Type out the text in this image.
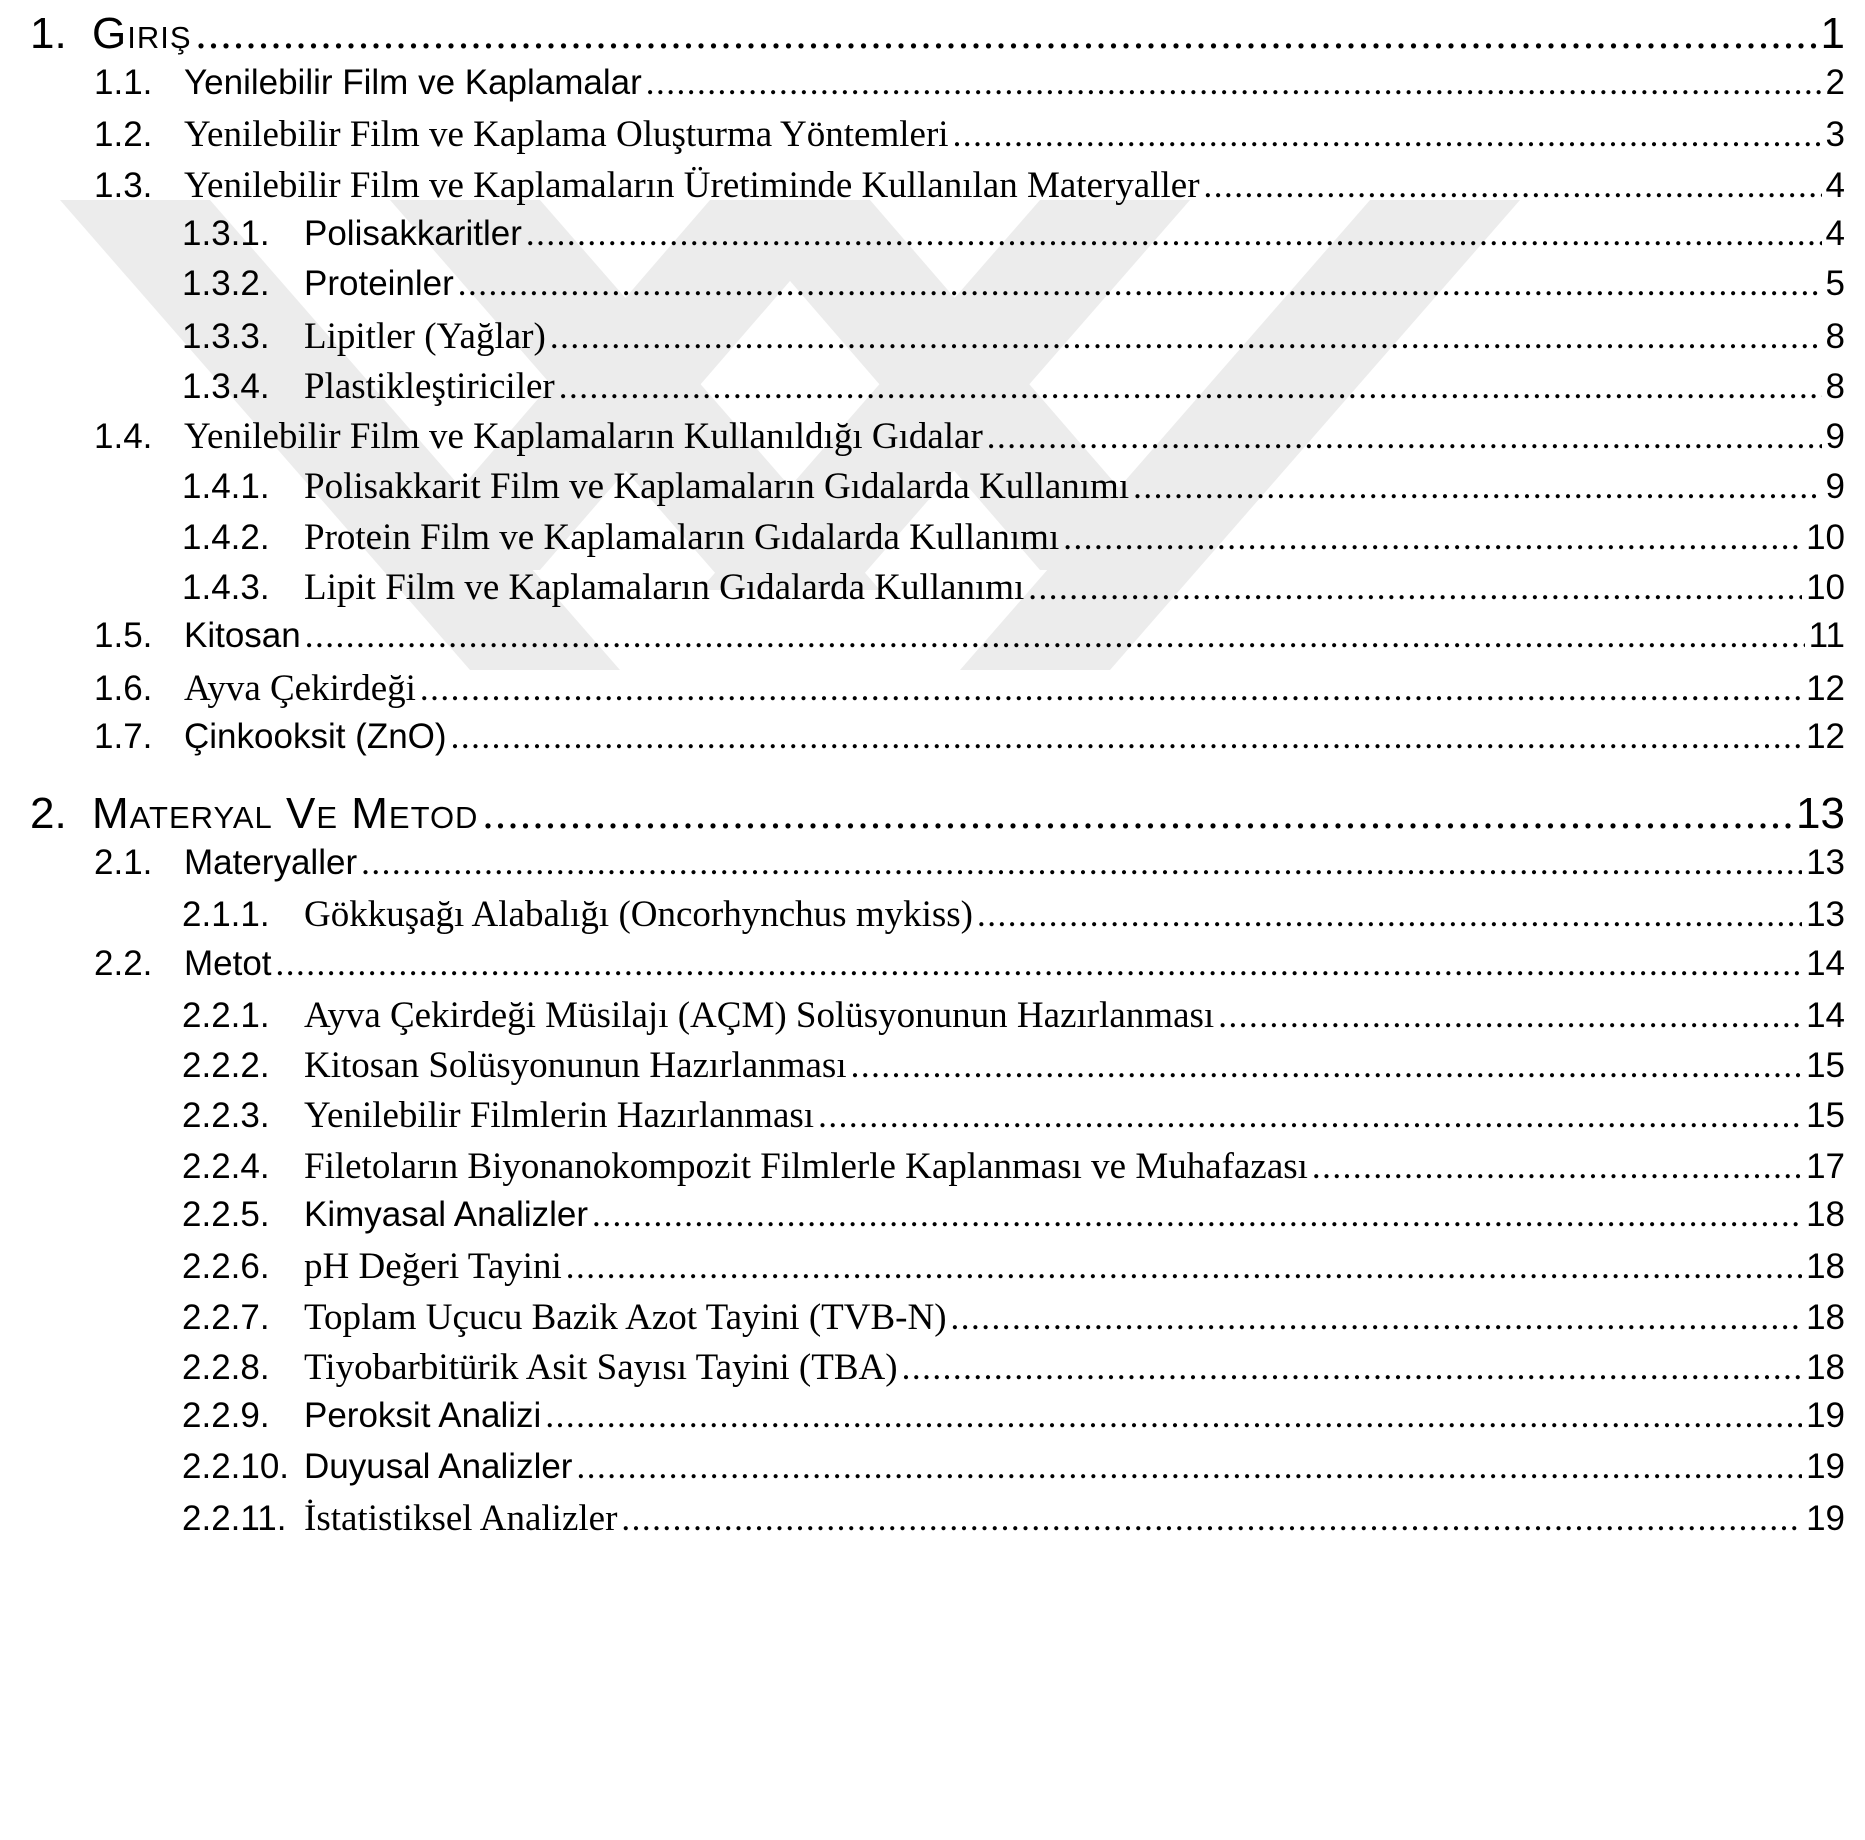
1. Giriş .....	1
1.1. Yenilebilir Film ve Kaplamalar .....	2
1.2. Yenilebilir Film ve Kaplama Oluşturma Yöntemleri .....	3
1.3. Yenilebilir Film ve Kaplamaların Üretiminde Kullanılan Materyaller .....	4
1.3.1. Polisakkaritler .....	4
1.3.2. Proteinler .....	5
1.3.3. Lipitler (Yağlar) .....	8
1.3.4. Plastikleştiriciler .....	8
1.4. Yenilebilir Film ve Kaplamaların Kullanıldığı Gıdalar .....	9
1.4.1. Polisakkarit Film ve Kaplamaların Gıdalarda Kullanımı .....	9
1.4.2. Protein Film ve Kaplamaların Gıdalarda Kullanımı .....	10
1.4.3. Lipit Film ve Kaplamaların Gıdalarda Kullanımı .....	10
1.5. Kitosan .....	11
1.6. Ayva Çekirdeği .....	12
1.7. Çinkooksit (ZnO) .....	12
2. Materyal Ve Metod .....	13
2.1. Materyaller .....	13
2.1.1. Gökkuşağı Alabalığı (Oncorhynchus mykiss) .....	13
2.2. Metot .....	14
2.2.1. Ayva Çekirdeği Müsilajı (AÇM) Solüsyonunun Hazırlanması .....	14
2.2.2. Kitosan Solüsyonunun Hazırlanması .....	15
2.2.3. Yenilebilir Filmlerin Hazırlanması .....	15
2.2.4. Filetoların Biyonanokompozit Filmlerle Kaplanması ve Muhafazası .....	17
2.2.5. Kimyasal Analizler .....	18
2.2.6. pH Değeri Tayini .....	18
2.2.7. Toplam Uçucu Bazik Azot Tayini (TVB-N) .....	18
2.2.8. Tiyobarbitürik Asit Sayısı Tayini (TBA) .....	18
2.2.9. Peroksit Analizi .....	19
2.2.10. Duyusal Analizler .....	19
2.2.11. İstatistiksel Analizler .....	19
